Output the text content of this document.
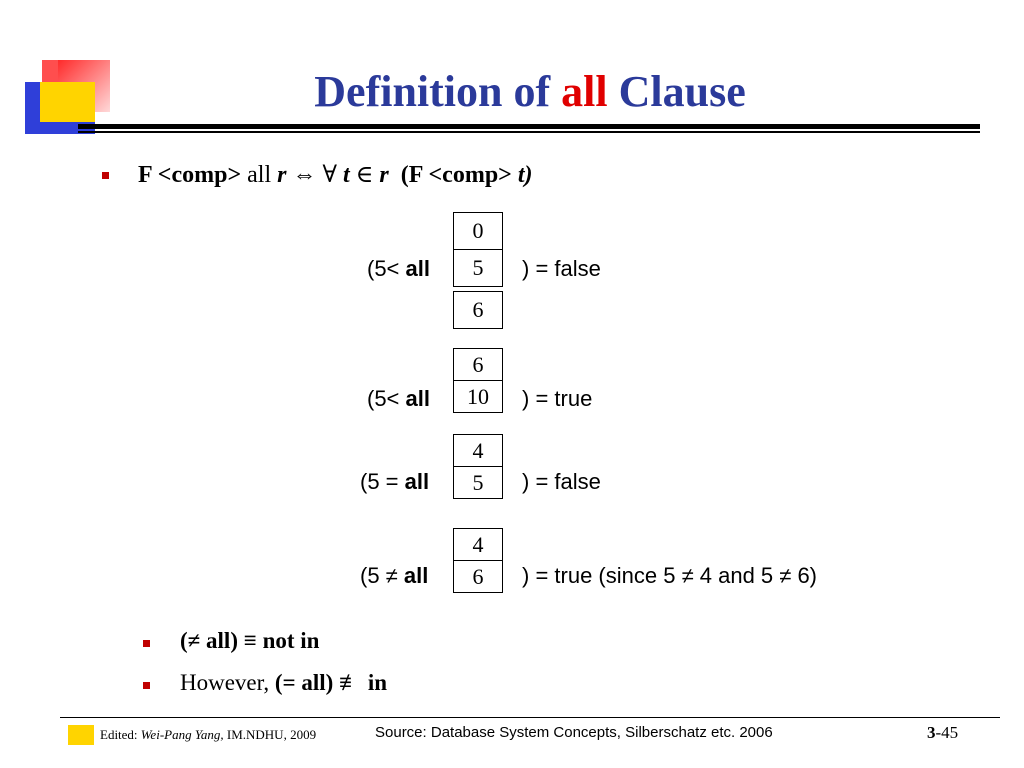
Definition of all Clause
F <comp> all r ⇔ ∀ t ∈ r (F <comp> t)
(5< all
0
5
6
) = false
(5< all
6
10	) = true
(5 = all
4
5	) = false
(5 ≠ all
4
6	) = true (since 5 ≠ 4 and 5 ≠ 6)
(≠ all) ≡ not in
However, (= all) ≢ in
Edited: Wei-Pang Yang, IM.NDHU, 2009	Source: Database System Concepts, Silberschatz etc. 2006	3-45
